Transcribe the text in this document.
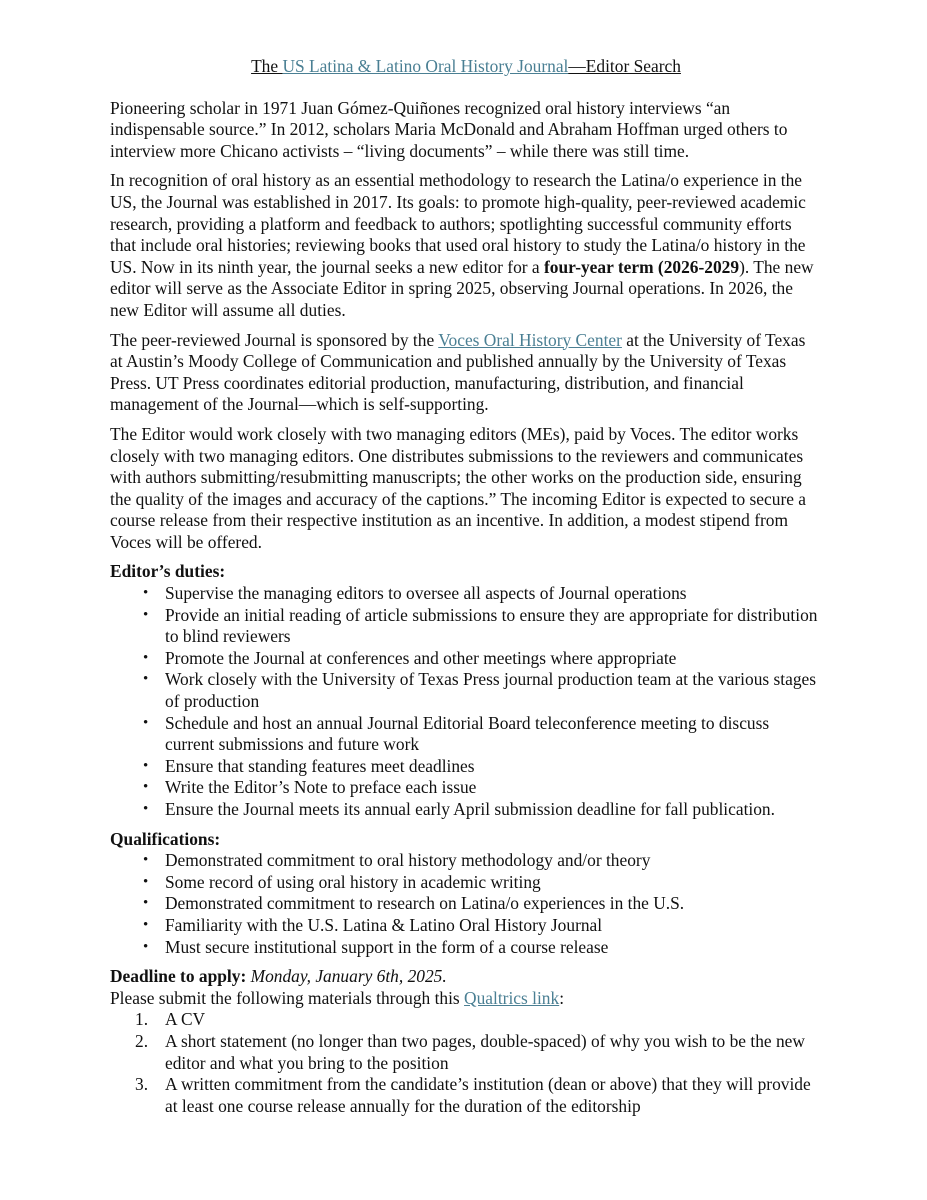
The US Latina & Latino Oral History Journal—Editor Search

Pioneering scholar in 1971 Juan Gómez-Quiñones recognized oral history interviews “an indispensable source.” In 2012, scholars Maria McDonald and Abraham Hoffman urged others to interview more Chicano activists – “living documents” – while there was still time.

In recognition of oral history as an essential methodology to research the Latina/o experience in the US, the Journal was established in 2017. Its goals: to promote high-quality, peer-reviewed academic research, providing a platform and feedback to authors; spotlighting successful community efforts that include oral histories; reviewing books that used oral history to study the Latina/o history in the US. Now in its ninth year, the journal seeks a new editor for a four-year term (2026-2029). The new editor will serve as the Associate Editor in spring 2025, observing Journal operations. In 2026, the new Editor will assume all duties.

The peer-reviewed Journal is sponsored by the Voces Oral History Center at the University of Texas at Austin’s Moody College of Communication and published annually by the University of Texas Press. UT Press coordinates editorial production, manufacturing, distribution, and financial management of the Journal—which is self-supporting.

The Editor would work closely with two managing editors (MEs), paid by Voces. The editor works closely with two managing editors. One distributes submissions to the reviewers and communicates with authors submitting/resubmitting manuscripts; the other works on the production side, ensuring the quality of the images and accuracy of the captions.” The incoming Editor is expected to secure a course release from their respective institution as an incentive. In addition, a modest stipend from Voces will be offered.

Editor’s duties:
• Supervise the managing editors to oversee all aspects of Journal operations
• Provide an initial reading of article submissions to ensure they are appropriate for distribution to blind reviewers
• Promote the Journal at conferences and other meetings where appropriate
• Work closely with the University of Texas Press journal production team at the various stages of production
• Schedule and host an annual Journal Editorial Board teleconference meeting to discuss current submissions and future work
• Ensure that standing features meet deadlines
• Write the Editor’s Note to preface each issue
• Ensure the Journal meets its annual early April submission deadline for fall publication.
Qualifications:
• Demonstrated commitment to oral history methodology and/or theory
• Some record of using oral history in academic writing
• Demonstrated commitment to research on Latina/o experiences in the U.S.
• Familiarity with the U.S. Latina & Latino Oral History Journal
• Must secure institutional support in the form of a course release
Deadline to apply: Monday, January 6th, 2025.
Please submit the following materials through this Qualtrics link:
1. A CV
2. A short statement (no longer than two pages, double-spaced) of why you wish to be the new editor and what you bring to the position
3. A written commitment from the candidate’s institution (dean or above) that they will provide at least one course release annually for the duration of the editorship
